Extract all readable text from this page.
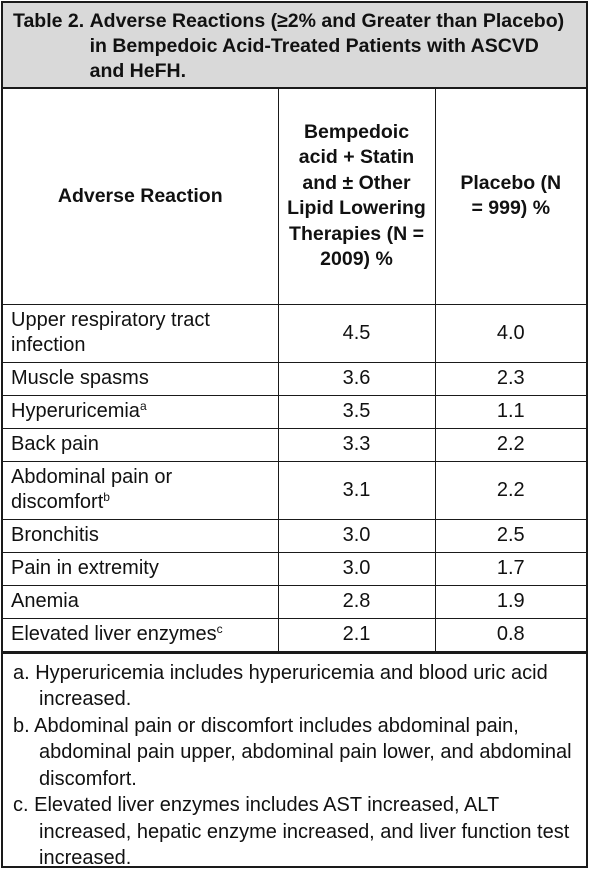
Table 2.
Adverse Reactions (≥2% and Greater than Placebo) in Bempedoic Acid-Treated Patients with ASCVD and HeFH.
Adverse Reaction	Bempedoic acid + Statin and ± Other Lipid Lowering Therapies (N = 2009) %	Placebo (N = 999) %
Upper respiratory tract infection	4.5	4.0
Muscle spasms	3.6	2.3
Hyperuricemia$^a$	3.5	1.1
Back pain	3.3	2.2
Abdominal pain or discomfort$^b$	3.1	2.2
Bronchitis	3.0	2.5
Pain in extremity	3.0	1.7
Anemia	2.8	1.9
Elevated liver enzymes$^c$	2.1	0.8
a. Hyperuricemia includes hyperuricemia and blood uric acid increased.
b. Abdominal pain or discomfort includes abdominal pain, abdominal pain upper, abdominal pain lower, and abdominal discomfort.
c. Elevated liver enzymes includes AST increased, ALT increased, hepatic enzyme increased, and liver function test increased.
